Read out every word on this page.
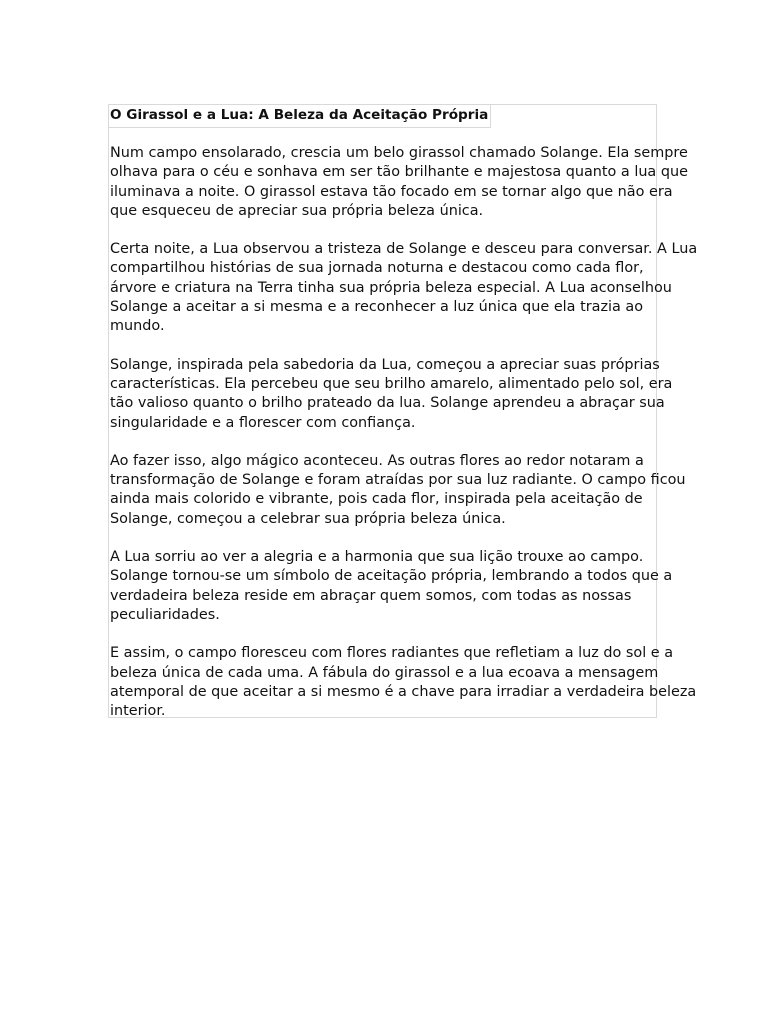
O Girassol e a Lua: A Beleza da Aceitação Própria
Num campo ensolarado, crescia um belo girassol chamado Solange. Ela sempre
olhava para o céu e sonhava em ser tão brilhante e majestosa quanto a lua que
iluminava a noite. O girassol estava tão focado em se tornar algo que não era
que esqueceu de apreciar sua própria beleza única.
Certa noite, a Lua observou a tristeza de Solange e desceu para conversar. A Lua
compartilhou histórias de sua jornada noturna e destacou como cada flor,
árvore e criatura na Terra tinha sua própria beleza especial. A Lua aconselhou
Solange a aceitar a si mesma e a reconhecer a luz única que ela trazia ao
mundo.
Solange, inspirada pela sabedoria da Lua, começou a apreciar suas próprias
características. Ela percebeu que seu brilho amarelo, alimentado pelo sol, era
tão valioso quanto o brilho prateado da lua. Solange aprendeu a abraçar sua
singularidade e a florescer com confiança.
Ao fazer isso, algo mágico aconteceu. As outras flores ao redor notaram a
transformação de Solange e foram atraídas por sua luz radiante. O campo ficou
ainda mais colorido e vibrante, pois cada flor, inspirada pela aceitação de
Solange, começou a celebrar sua própria beleza única.
A Lua sorriu ao ver a alegria e a harmonia que sua lição trouxe ao campo.
Solange tornou-se um símbolo de aceitação própria, lembrando a todos que a
verdadeira beleza reside em abraçar quem somos, com todas as nossas
peculiaridades.
E assim, o campo floresceu com flores radiantes que refletiam a luz do sol e a
beleza única de cada uma. A fábula do girassol e a lua ecoava a mensagem
atemporal de que aceitar a si mesmo é a chave para irradiar a verdadeira beleza
interior.
